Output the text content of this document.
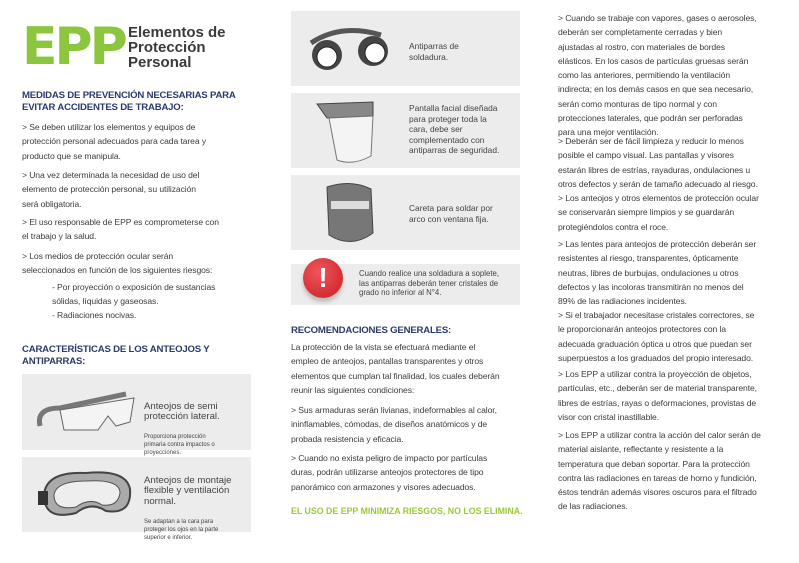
EPP Elementos de
Protección
Personal
MEDIDAS DE PREVENCIÓN NECESARIAS PARA
EVITAR ACCIDENTES DE TRABAJO:
> Se deben utilizar los elementos y equipos de
protección personal adecuados para cada tarea y
producto que se manipula.
> Una vez determinada la necesidad de uso del
elemento de protección personal, su utilización
será obligatoria.
> El uso responsable de EPP es comprometerse con
el trabajo y la salud.
> Los medios de protección ocular serán
seleccionados en función de los siguientes riesgos:
- Por proyección o exposición de sustancias
sólidas, líquidas y gaseosas.
- Radiaciones nocivas.
CARACTERÍSTICAS DE LOS ANTEOJOS Y
ANTIPARRAS:

Anteojos de semi
protección lateral.

Proporciona protección
primaria contra impactos o
proyecciones.

Anteojos de montaje
flexible y ventilación
normal.

Se adaptan a la cara para
proteger los ojos en la parte
superior e inferior.

Antiparras de
soldadura.
Pantalla facial diseñada
para proteger toda la
cara, debe ser
complementado con
antiparras de seguridad.
Careta para soldar por
arco con ventana fija.
!	Cuando realice una soldadura a soplete,
las antiparras deberán tener cristales de
grado no inferior al N°4.
RECOMENDACIONES GENERALES:
La protección de la vista se efectuará mediante el
empleo de anteojos, pantallas transparentes y otros
elementos que cumplan tal finalidad, los cuales deberán
reunir las siguientes condiciones:
> Sus armaduras serán livianas, indeformables al calor,
ininflamables, cómodas, de diseños anatómicos y de
probada resistencia y eficacia.
> Cuando no exista peligro de impacto por partículas
duras, podrán utilizarse anteojos protectores de tipo
panorámico con armazones y visores adecuados.
EL USO DE EPP MINIMIZA RIESGOS, NO LOS ELIMINA.
> Cuando se trabaje con vapores, gases o aerosoles,
deberán ser completamente cerradas y bien
ajustadas al rostro, con materiales de bordes
elásticos. En los casos de partículas gruesas serán
como las anteriores, permitiendo la ventilación
indirecta; en los demás casos en que sea necesario,
serán como monturas de tipo normal y con
protecciones laterales, que podrán ser perforadas
para una mejor ventilación.
> Deberán ser de fácil limpieza y reducir lo menos
posible el campo visual. Las pantallas y visores
estarán libres de estrías, rayaduras, ondulaciones u
otros defectos y serán de tamaño adecuado al riesgo.
> Los anteojos y otros elementos de protección ocular
se conservarán siempre limpios y se guardarán
protegiéndolos contra el roce.
> Las lentes para anteojos de protección deberán ser
resistentes al riesgo, transparentes, ópticamente
neutras, libres de burbujas, ondulaciones u otros
defectos y las incoloras transmitirán no menos del
89% de las radiaciones incidentes.
> Si el trabajador necesitase cristales correctores, se
le proporcionarán anteojos protectores con la
adecuada graduación óptica u otros que puedan ser
superpuestos a los graduados del propio interesado.
> Los EPP a utilizar contra la proyección de objetos,
partículas, etc., deberán ser de material transparente,
libres de estrías, rayas o deformaciones, provistas de
visor con cristal inastillable.
> Los EPP a utilizar contra la acción del calor serán de
material aislante, reflectante y resistente a la
temperatura que deban soportar. Para la protección
contra las radiaciones en tareas de horno y fundición,
éstos tendrán además visores oscuros para el filtrado
de las radiaciones.
